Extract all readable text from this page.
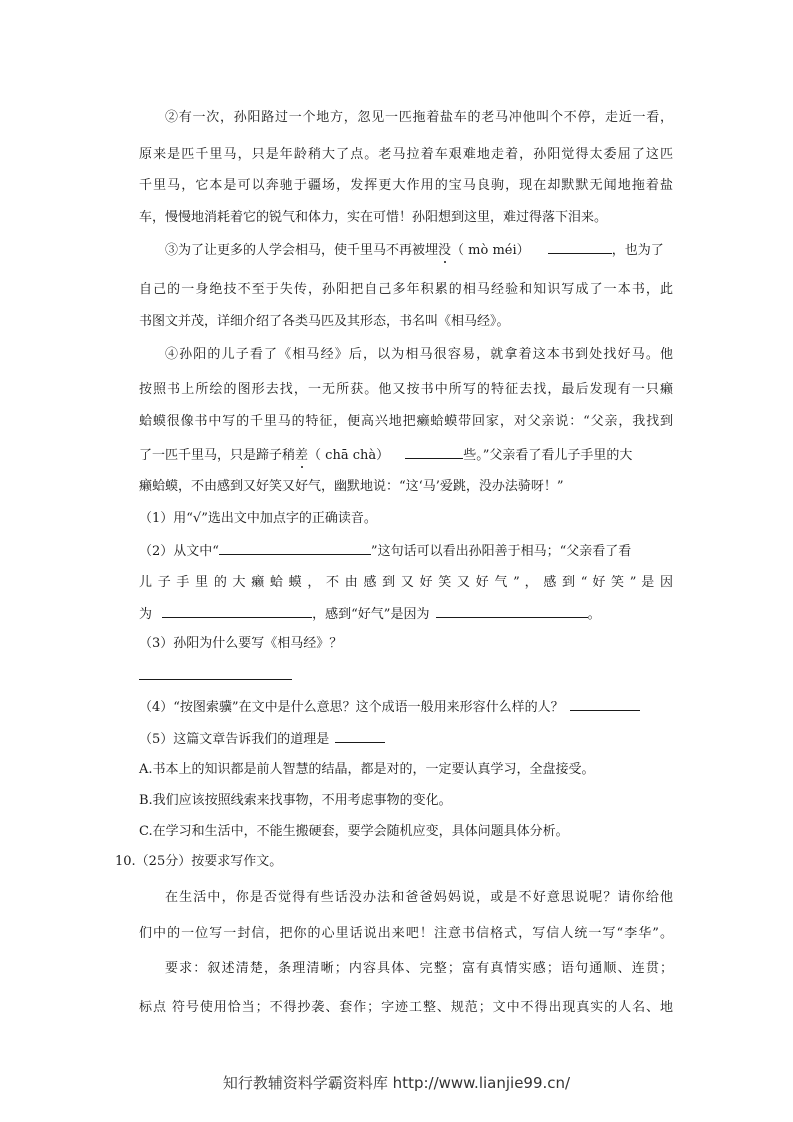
②有一次，孙阳路过一个地方，忽见一匹拖着盐车的老马冲他叫个不停，走近一看，
原来是匹千里马，只是年龄稍大了点。老马拉着车艰难地走着，孙阳觉得太委屈了这匹
千里马，它本是可以奔驰于疆场，发挥更大作用的宝马良驹，现在却默默无闻地拖着盐
车，慢慢地消耗着它的锐气和体力，实在可惜！孙阳想到这里，难过得落下泪来。
③为了让更多的人学会相马，使千里马不再被埋没（ mò méi）	，也为了
自己的一身绝技不至于失传，孙阳把自己多年积累的相马经验和知识写成了一本书，此
书图文并茂，详细介绍了各类马匹及其形态，书名叫《相马经》。
④孙阳的儿子看了《相马经》后，以为相马很容易，就拿着这本书到处找好马。他
按照书上所绘的图形去找，一无所获。他又按书中所写的特征去找，最后发现有一只癞
蛤蟆很像书中写的千里马的特征，便高兴地把癞蛤蟆带回家，对父亲说：“父亲，我找到
了一匹千里马，只是蹄子稍差（ chā chà）	些。”父亲看了看儿子手里的大
癞蛤蟆，不由感到又好笑又好气，幽默地说：“这‘马’爱跳，没办法骑呀！”
（1）用“√”选出文中加点字的正确读音。
（2）从文中“	”这句话可以看出孙阳善于相马；“父亲看了看
儿 子 手 里 的 大 癞 蛤 蟆 ， 不 由 感 到 又 好 笑 又 好 气 ” ， 感 到 “ 好 笑 ” 是 因
为	，感到“好气”是因为	。
（3）孙阳为什么要写《相马经》？
（4）“按图索骥”在文中是什么意思？这个成语一般用来形容什么样的人？
（5）这篇文章告诉我们的道理是
A.书本上的知识都是前人智慧的结晶，都是对的，一定要认真学习，全盘接受。
B.我们应该按照线索来找事物，不用考虑事物的变化。
C.在学习和生活中，不能生搬硬套，要学会随机应变，具体问题具体分析。
10.（25分）按要求写作文。
在生活中，你是否觉得有些话没办法和爸爸妈妈说，或是不好意思说呢？请你给他
们中的一位写一封信，把你的心里话说出来吧！注意书信格式，写信人统一写“李华”。
要求：叙述清楚，条理清晰；内容具体、完整；富有真情实感；语句通顺、连贯；
标点 符号使用恰当；不得抄袭、套作；字迹工整、规范；文中不得出现真实的人名、地
知行教辅资料学霸资料库 http://www.lianjie99.cn/
